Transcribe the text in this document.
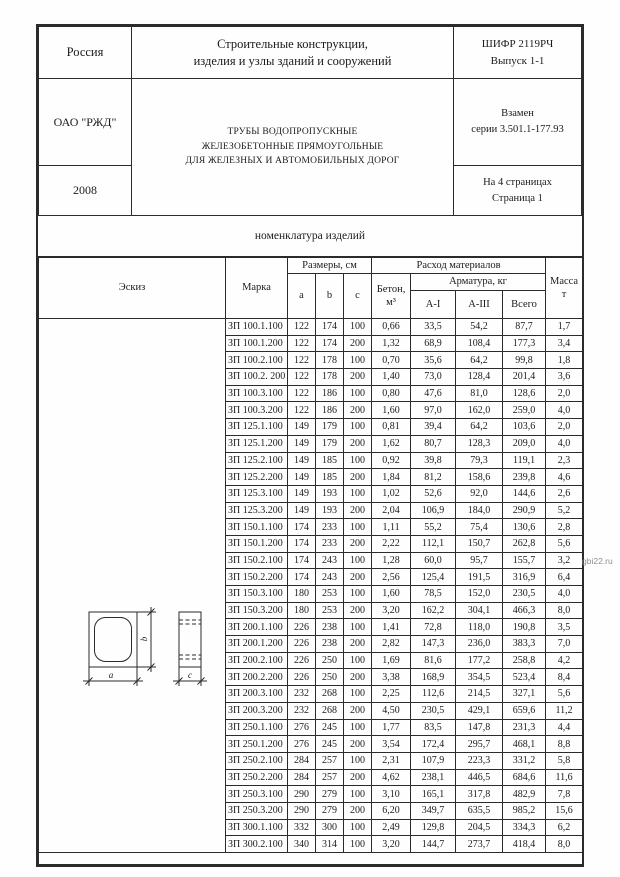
Россия	
Строительные конструкции,
изделия и узлы зданий и сооружений

ШИФР 2119РЧ
Выпуск 1-1

ОАО "РЖД"	
ТРУБЫ ВОДОПРОПУСКНЫЕ
ЖЕЛЕЗОБЕТОННЫЕ ПРЯМОУГОЛЬНЫЕ
ДЛЯ ЖЕЛЕЗНЫХ И АВТОМОБИЛЬНЫХ ДОРОГ

Взамен
серии 3.501.1-177.93

2008		На 4 страницах
Страница 1
номенклатура изделий
Эскиз	Марка	Размеры, см			Расход материалов				Масса
т

		a	b	c	Бетон,
м³	Арматура, кг			
						А-I	А-III	Всего	

a
b
c	ЗП 100.1.100	122	174	100	0,66	33,5	54,2	87,7	1,7
	ЗП 100.1.200	122	174	200	1,32	68,9	108,4	177,3	3,4
	ЗП 100.2.100	122	178	100	0,70	35,6	64,2	99,8	1,8
	ЗП 100.2. 200	122	178	200	1,40	73,0	128,4	201,4	3,6
	ЗП 100.3.100	122	186	100	0,80	47,6	81,0	128,6	2,0
	ЗП 100.3.200	122	186	200	1,60	97,0	162,0	259,0	4,0
	ЗП 125.1.100	149	179	100	0,81	39,4	64,2	103,6	2,0
	ЗП 125.1.200	149	179	200	1,62	80,7	128,3	209,0	4,0
	ЗП 125.2.100	149	185	100	0,92	39,8	79,3	119,1	2,3
	ЗП 125.2.200	149	185	200	1,84	81,2	158,6	239,8	4,6
	ЗП 125.3.100	149	193	100	1,02	52,6	92,0	144,6	2,6
	ЗП 125.3.200	149	193	200	2,04	106,9	184,0	290,9	5,2
	ЗП 150.1.100	174	233	100	1,11	55,2	75,4	130,6	2,8
	ЗП 150.1.200	174	233	200	2,22	112,1	150,7	262,8	5,6
	ЗП 150.2.100	174	243	100	1,28	60,0	95,7	155,7	3,2
	ЗП 150.2.200	174	243	200	2,56	125,4	191,5	316,9	6,4
	ЗП 150.3.100	180	253	100	1,60	78,5	152,0	230,5	4,0
	ЗП 150.3.200	180	253	200	3,20	162,2	304,1	466,3	8,0
	ЗП 200.1.100	226	238	100	1,41	72,8	118,0	190,8	3,5
	ЗП 200.1.200	226	238	200	2,82	147,3	236,0	383,3	7,0
	ЗП 200.2.100	226	250	100	1,69	81,6	177,2	258,8	4,2
	ЗП 200.2.200	226	250	200	3,38	168,9	354,5	523,4	8,4
	ЗП 200.3.100	232	268	100	2,25	112,6	214,5	327,1	5,6
	ЗП 200.3.200	232	268	200	4,50	230,5	429,1	659,6	11,2
	ЗП 250.1.100	276	245	100	1,77	83,5	147,8	231,3	4,4
	ЗП 250.1.200	276	245	200	3,54	172,4	295,7	468,1	8,8
	ЗП 250.2.100	284	257	100	2,31	107,9	223,3	331,2	5,8
	ЗП 250.2.200	284	257	200	4,62	238,1	446,5	684,6	11,6
	ЗП 250.3.100	290	279	100	3,10	165,1	317,8	482,9	7,8
	ЗП 250.3.200	290	279	200	6,20	349,7	635,5	985,2	15,6
	ЗП 300.1.100	332	300	100	2,49	129,8	204,5	334,3	6,2
	ЗП 300.2.100	340	314	100	3,20	144,7	273,7	418,4	8,0

gbi22.ru
